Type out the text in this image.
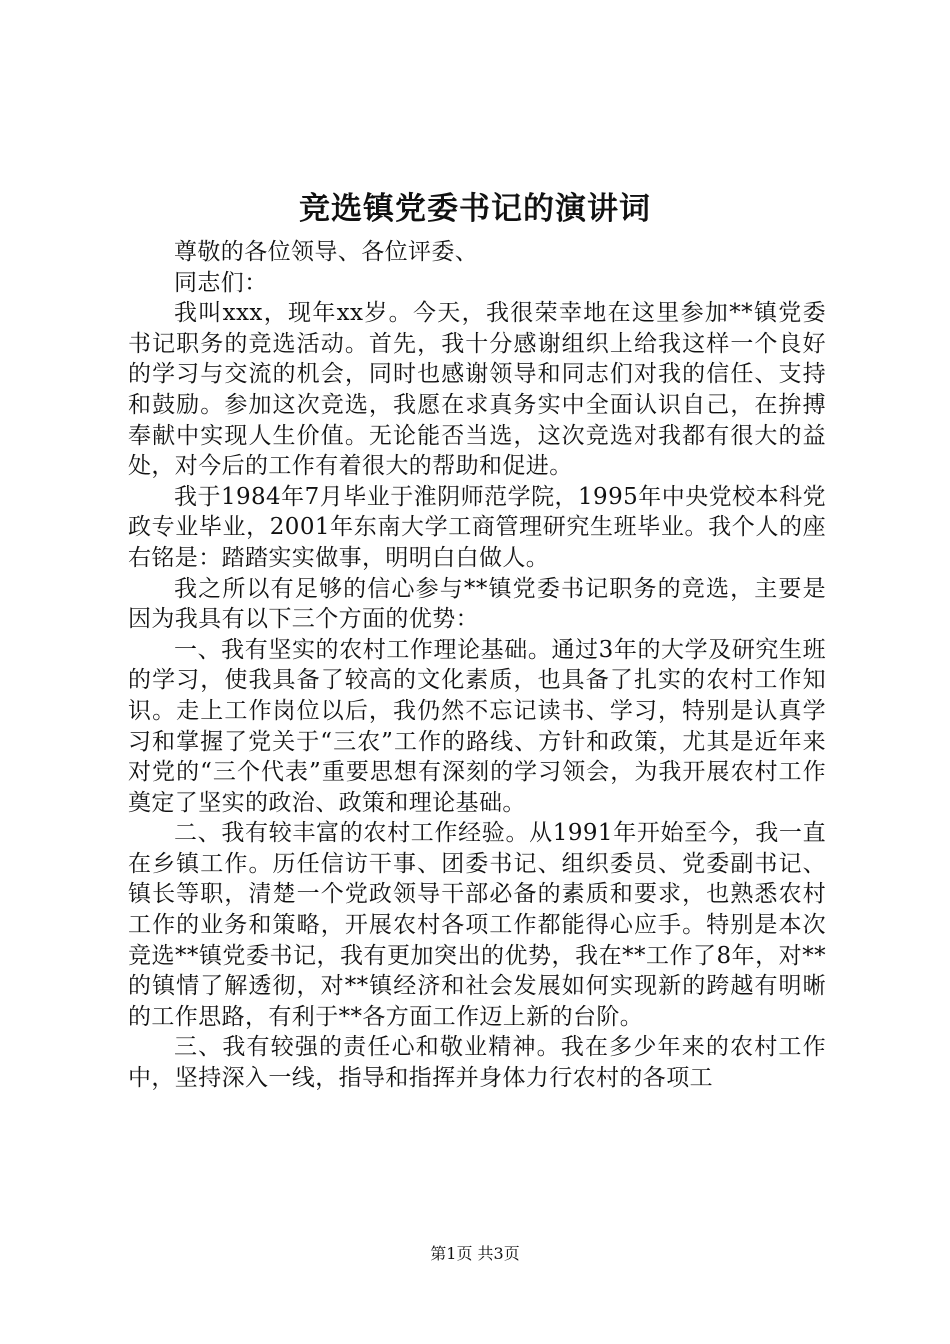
竞选镇党委书记的演讲词

尊敬的各位领导、各位评委、

同志们：

我叫xxx，现年xx岁。今天，我很荣幸地在这里参加**镇党委书记职务的竞选活动。首先，我十分感谢组织上给我这样一个良好的学习与交流的机会，同时也感谢领导和同志们对我的信任、支持和鼓励。参加这次竞选，我愿在求真务实中全面认识自己，在拚搏奉献中实现人生价值。无论能否当选，这次竞选对我都有很大的益处，对今后的工作有着很大的帮助和促进。

我于1984年7月毕业于淮阴师范学院，1995年中央党校本科党政专业毕业，2001年东南大学工商管理研究生班毕业。我个人的座右铭是：踏踏实实做事，明明白白做人。

我之所以有足够的信心参与**镇党委书记职务的竞选，主要是因为我具有以下三个方面的优势：

一、我有坚实的农村工作理论基础。通过3年的大学及研究生班的学习，使我具备了较高的文化素质，也具备了扎实的农村工作知识。走上工作岗位以后，我仍然不忘记读书、学习，特别是认真学习和掌握了党关于“三农”工作的路线、方针和政策，尤其是近年来对党的“三个代表”重要思想有深刻的学习领会，为我开展农村工作奠定了坚实的政治、政策和理论基础。

二、我有较丰富的农村工作经验。从1991年开始至今，我一直在乡镇工作。历任信访干事、团委书记、组织委员、党委副书记、镇长等职，清楚一个党政领导干部必备的素质和要求，也熟悉农村工作的业务和策略，开展农村各项工作都能得心应手。特别是本次竞选**镇党委书记，我有更加突出的优势，我在**工作了8年，对**的镇情了解透彻，对**镇经济和社会发展如何实现新的跨越有明晰的工作思路，有利于**各方面工作迈上新的台阶。

三、我有较强的责任心和敬业精神。我在多少年来的农村工作中，坚持深入一线，指导和指挥并身体力行农村的各项工

第1页 共3页
